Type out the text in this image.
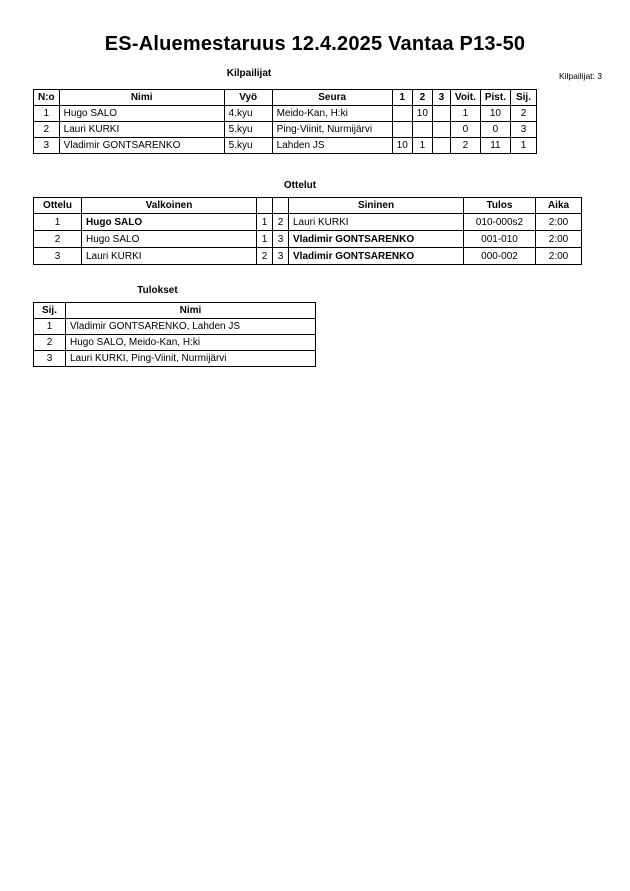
ES-Aluemestaruus 12.4.2025 Vantaa P13-50
Kilpailijat	Kilpailijat: 3
N:o	Nimi	Vyö	Seura	1	2	3	Voit.	Pist.	Sij.
1	Hugo SALO	4.kyu	Meido-Kan, H:ki		10		1	10	2
2	Lauri KURKI	5.kyu	Ping-Viinit, Nurmijärvi				0	0	3
3	Vladimir GONTSARENKO	5.kyu	Lahden JS	10	1		2	11	1
Ottelut
Ottelu	Valkoinen			Sininen	Tulos	Aika
1	Hugo SALO	1	2	Lauri KURKI	010-000s2	2:00
2	Hugo SALO	1	3	Vladimir GONTSARENKO	001-010	2:00
3	Lauri KURKI	2	3	Vladimir GONTSARENKO	000-002	2:00
Tulokset
Sij.	Nimi
1	Vladimir GONTSARENKO, Lahden JS
2	Hugo SALO, Meido-Kan, H:ki
3	Lauri KURKI, Ping-Viinit, Nurmijärvi
